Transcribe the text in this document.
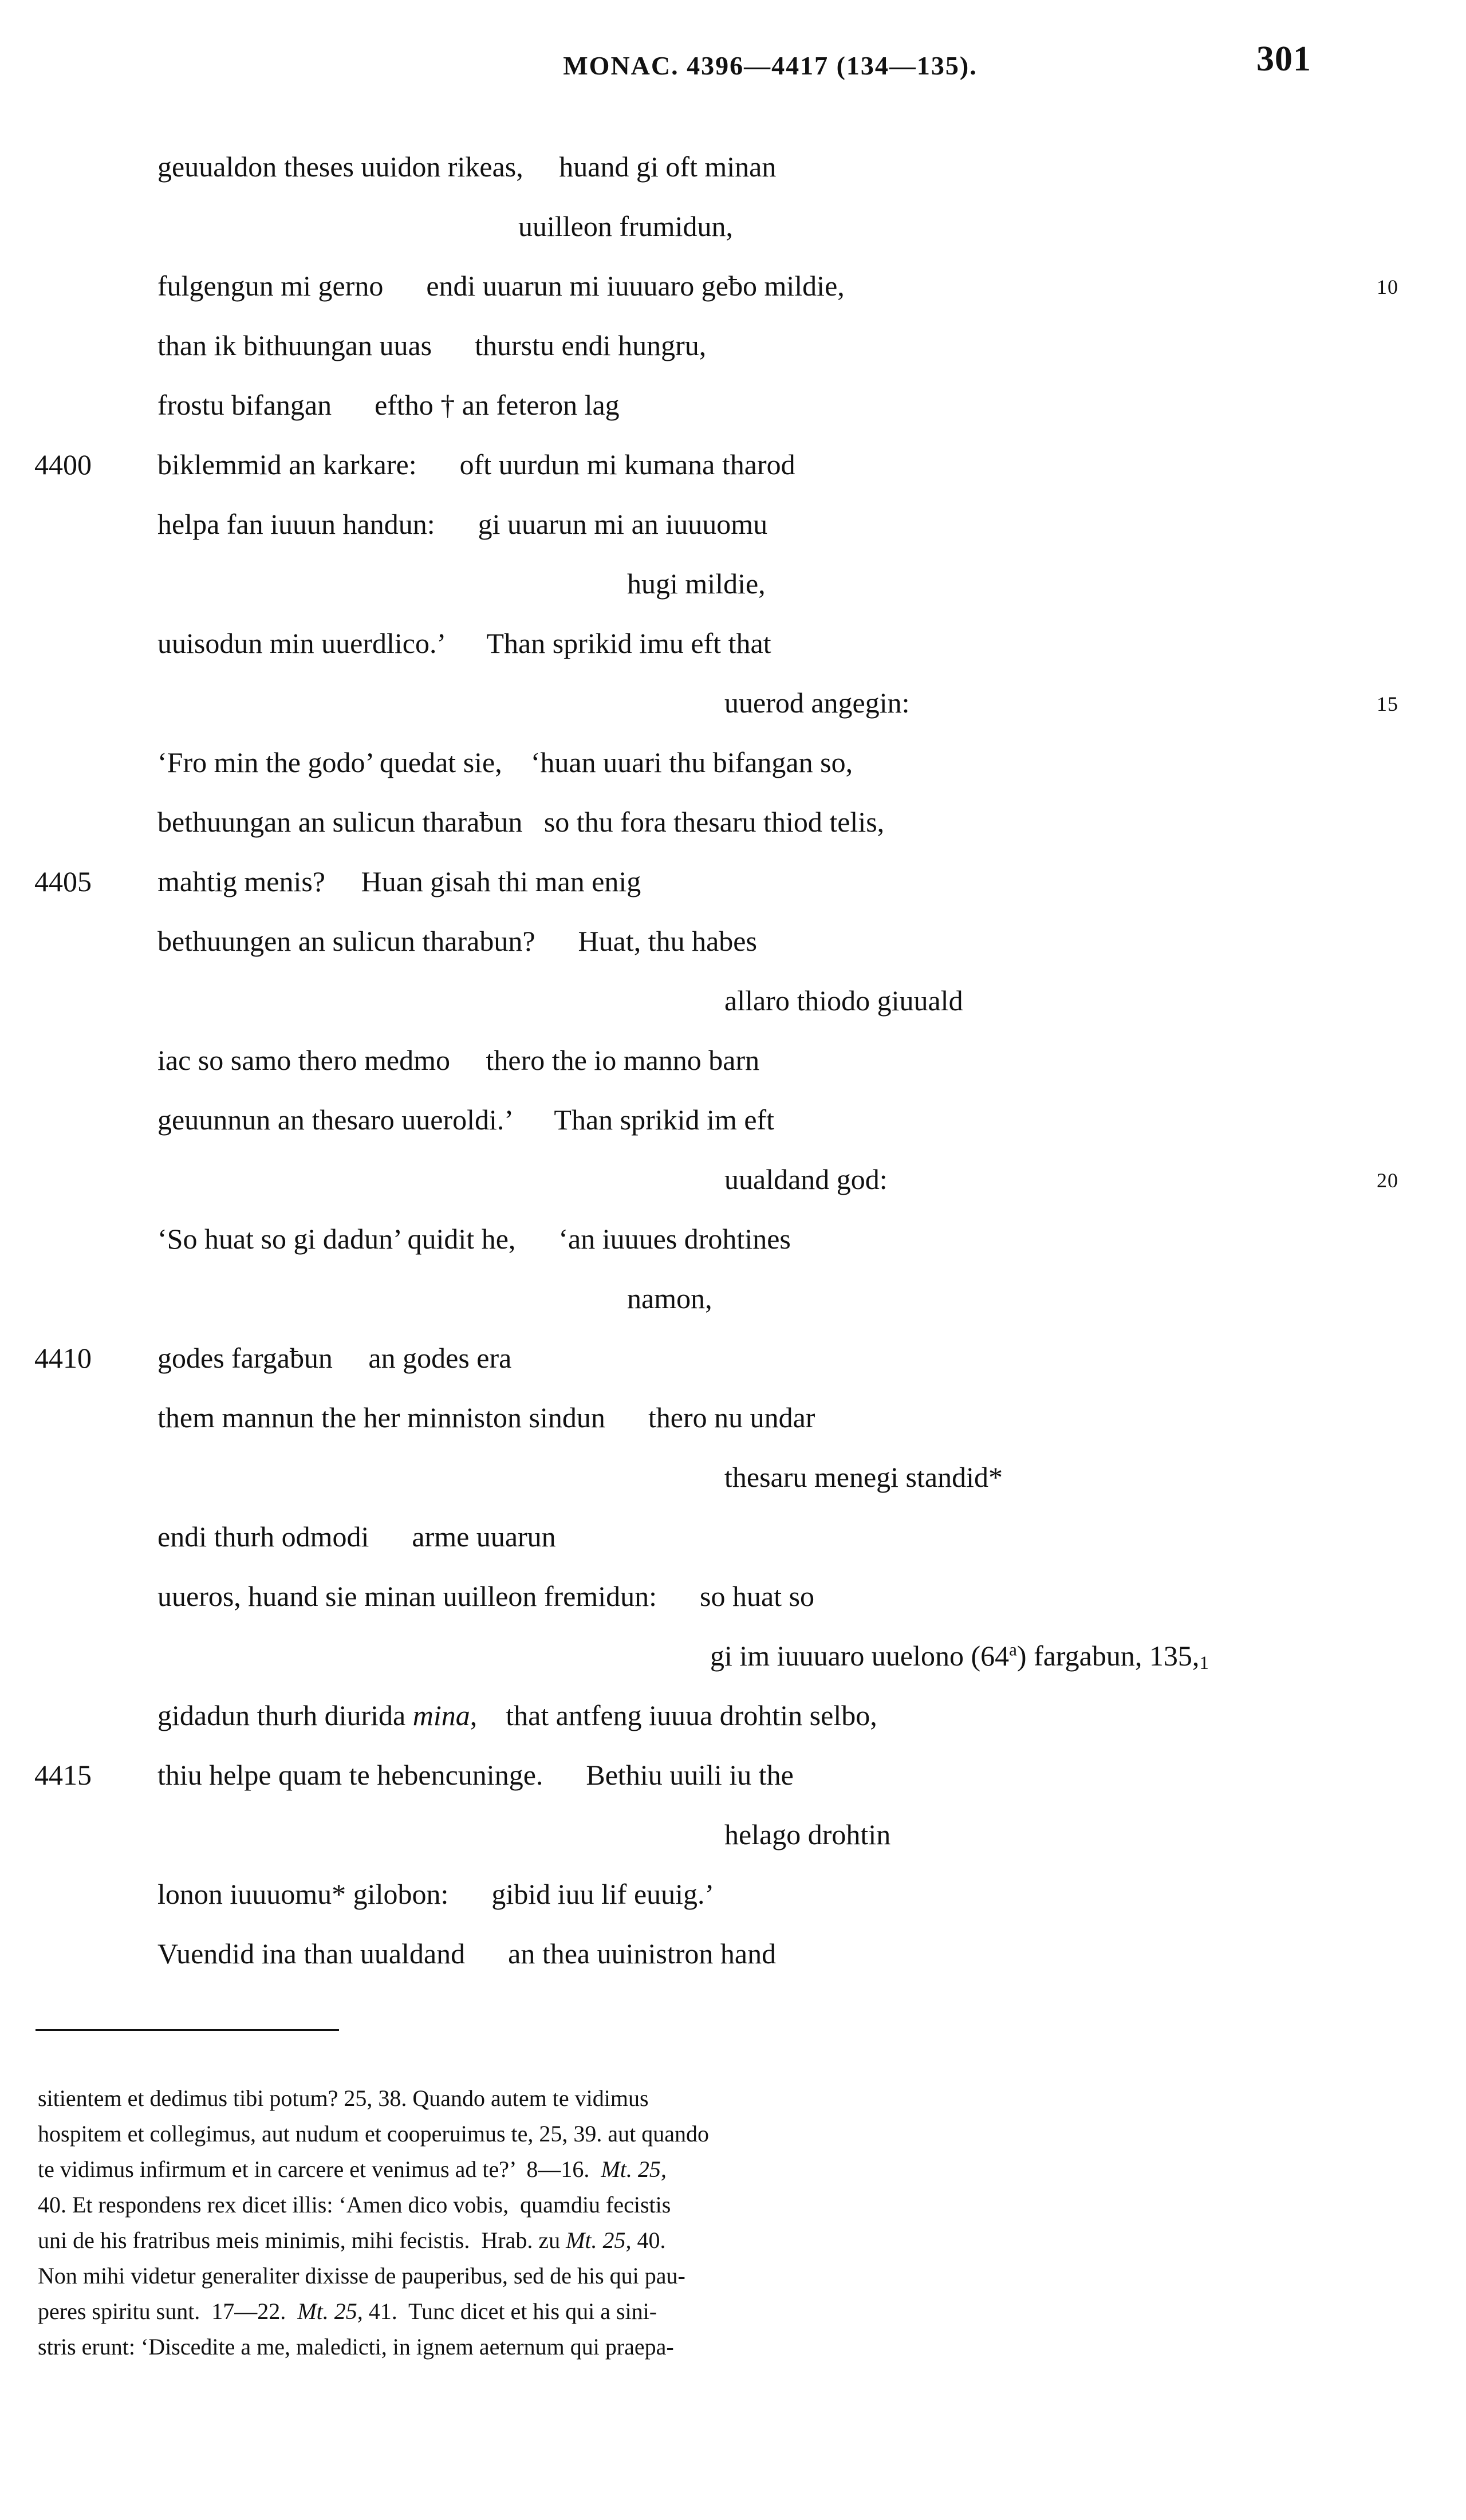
MONAC. 4396—4417 (134—135).	301
geuualdon theses uuidon rikeas,     huand gi oft minan
uuilleon frumidun,
fulgengun mi gerno      endi uuarun mi iuuuaro geƀo mildie,	10
than ik bithuungan uuas      thurstu endi hungru,
frostu bifangan      eftho † an feteron lag
4400	biklemmid an karkare:      oft uurdun mi kumana tharod
helpa fan iuuun handun:      gi uuarun mi an iuuuomu
hugi mildie,
uuisodun min uuerdlico.’      Than sprikid imu eft that
uuerod angegin:	15
‘Fro min the godo’ quedat sie,    ‘huan uuari thu bifangan so,
bethuungan an sulicun tharaƀun   so thu fora thesaru thiod telis,
4405	mahtig menis?     Huan gisah thi man enig
bethuungen an sulicun tharabun?      Huat, thu habes
allaro thiodo giuuald
iac so samo thero medmo     thero the io manno barn
geuunnun an thesaro uueroldi.’      Than sprikid im eft
uualdand god:	20
‘So huat so gi dadun’ quidit he,      ‘an iuuues drohtines
namon,
4410	godes fargaƀun     an godes era
them mannun the her minniston sindun      thero nu undar
thesaru menegi standid*
endi thurh odmodi      arme uuarun
uueros, huand sie minan uuilleon fremidun:      so huat so
gi im iuuuaro uuelono (64$^a$) fargabun, 135,1
gidadun thurh diurida mina,    that antfeng iuuua drohtin selbo,
4415	thiu helpe quam te hebencuninge.      Bethiu uuili iu the
helago drohtin
lonon iuuuomu* gilobon:      gibid iuu lif euuig.’
Vuendid ina than uualdand      an thea uuinistron hand
sitientem et dedimus tibi potum? 25, 38. Quando autem te vidimus
hospitem et collegimus, aut nudum et cooperuimus te, 25, 39. aut quando
te vidimus infirmum et in carcere et venimus ad te?’  8—16.  Mt. 25,
40. Et respondens rex dicet illis: ‘Amen dico vobis,  quamdiu fecistis
uni de his fratribus meis minimis, mihi fecistis.  Hrab. zu Mt. 25, 40.
Non mihi videtur generaliter dixisse de pauperibus, sed de his qui pau-
peres spiritu sunt.  17—22.  Mt. 25, 41.  Tunc dicet et his qui a sini-
stris erunt: ‘Discedite a me, maledicti, in ignem aeternum qui praepa-
